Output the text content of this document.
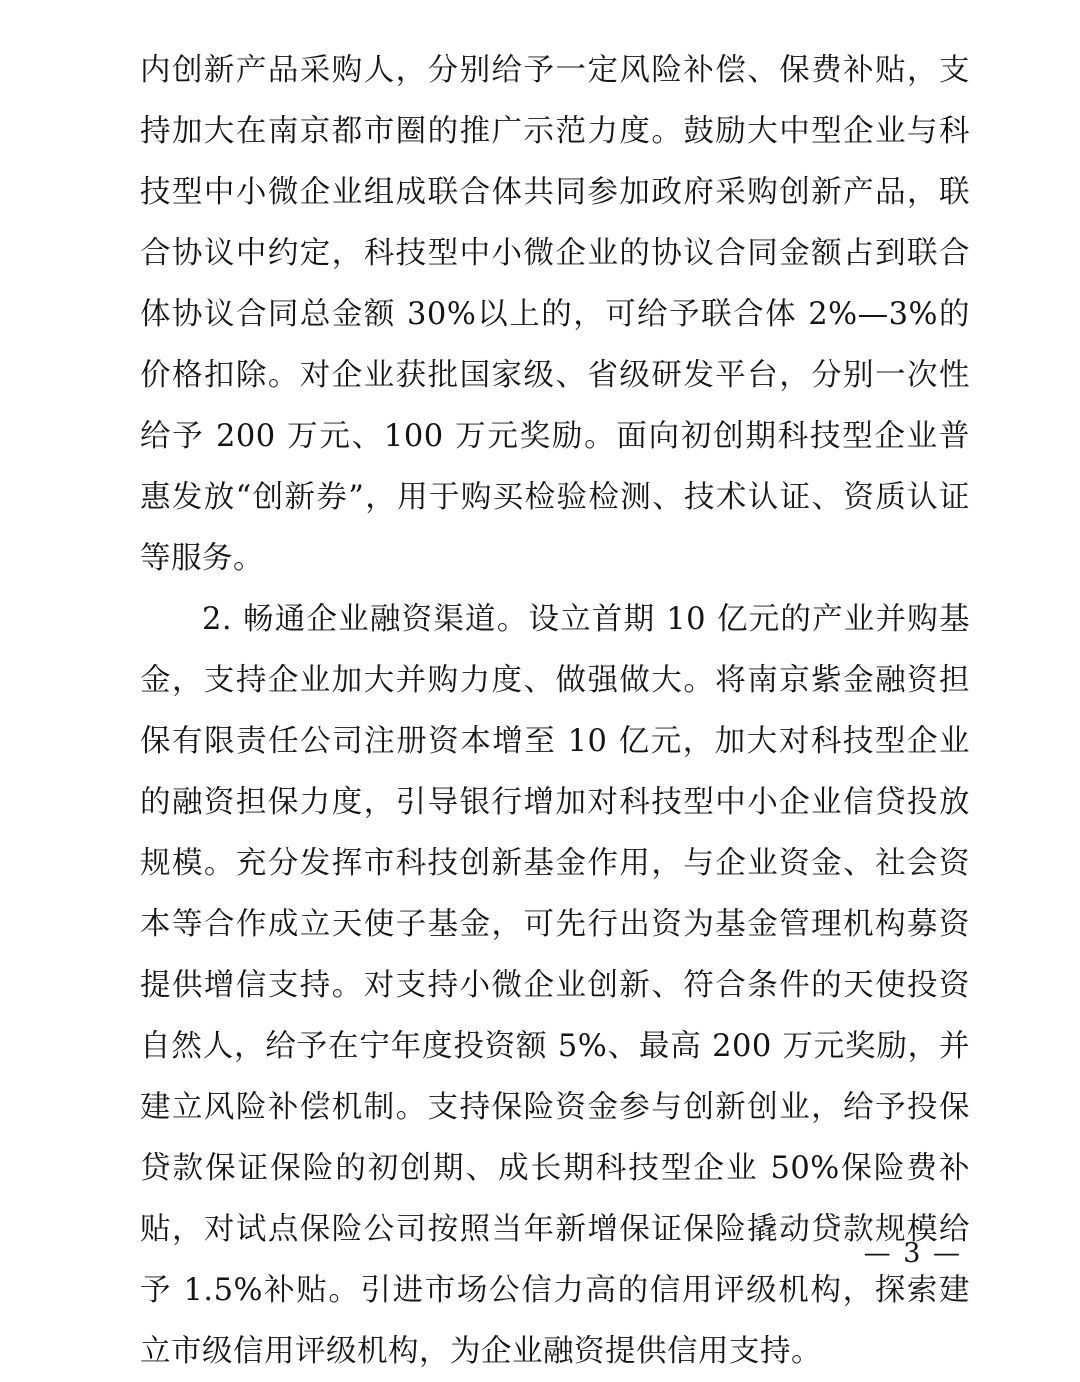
内创新产品采购人，分别给予一定风险补偿、保费补贴，支持加大在南京都市圈的推广示范力度。鼓励大中型企业与科技型中小微企业组成联合体共同参加政府采购创新产品，联合协议中约定，科技型中小微企业的协议合同金额占到联合体协议合同总金额 30%以上的，可给予联合体 2%—3%的价格扣除。对企业获批国家级、省级研发平台，分别一次性给予 200 万元、100 万元奖励。面向初创期科技型企业普惠发放“创新券”，用于购买检验检测、技术认证、资质认证等服务。

2. 畅通企业融资渠道。设立首期 10 亿元的产业并购基金，支持企业加大并购力度、做强做大。将南京紫金融资担保有限责任公司注册资本增至 10 亿元，加大对科技型企业的融资担保力度，引导银行增加对科技型中小企业信贷投放规模。充分发挥市科技创新基金作用，与企业资金、社会资本等合作成立天使子基金，可先行出资为基金管理机构募资提供增信支持。对支持小微企业创新、符合条件的天使投资自然人，给予在宁年度投资额 5%、最高 200 万元奖励，并建立风险补偿机制。支持保险资金参与创新创业，给予投保贷款保证保险的初创期、成长期科技型企业 50%保险费补贴，对试点保险公司按照当年新增保证保险撬动贷款规模给予 1.5%补贴。引进市场公信力高的信用评级机构，探索建立市级信用评级机构，为企业融资提供信用支持。

— 3 —
